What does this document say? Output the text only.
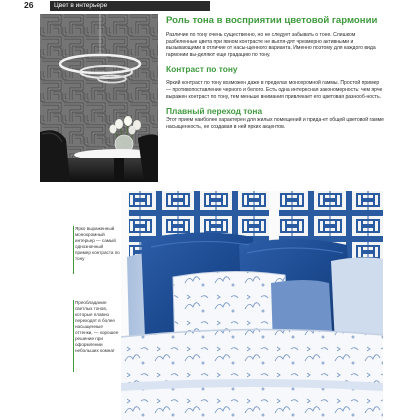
26	Цвет в интерьере
Роль тона в восприятии цветовой гармонии

Различие по тону очень существенно, но не следует забывать о тоне. Слишком разбеленные цвета при явном контрасте не выгля-дят чрезмерно активными и вызывающими в отличие от насы-щенного варианта. Именно поэтому для каждого вида гармонии вы-деляют еще градацию по тону.

Контраст по тону

Яркий контраст по тону возможен даже в пределах монохромной гаммы. Простой пример — противопоставление черного и белого. Есть одна интересная закономерность: чем ярче выражен контраст по тону, тем меньше внимания привлекает его цветовая разнооб-ность.

Плавный переход тона

Этот прием наиболее характерен для жилых помещений и прида-ет общей цветовой гамме насыщенность, не создавая в ней ярких акцентов.

Ярко выраженный монохромный интерьер — самый однозначный пример контраста по тону
Преобладание светлых тонов, которые плавно переходят в более насыщенные оттенки, — хорошее решение при оформлении небольших комнат
